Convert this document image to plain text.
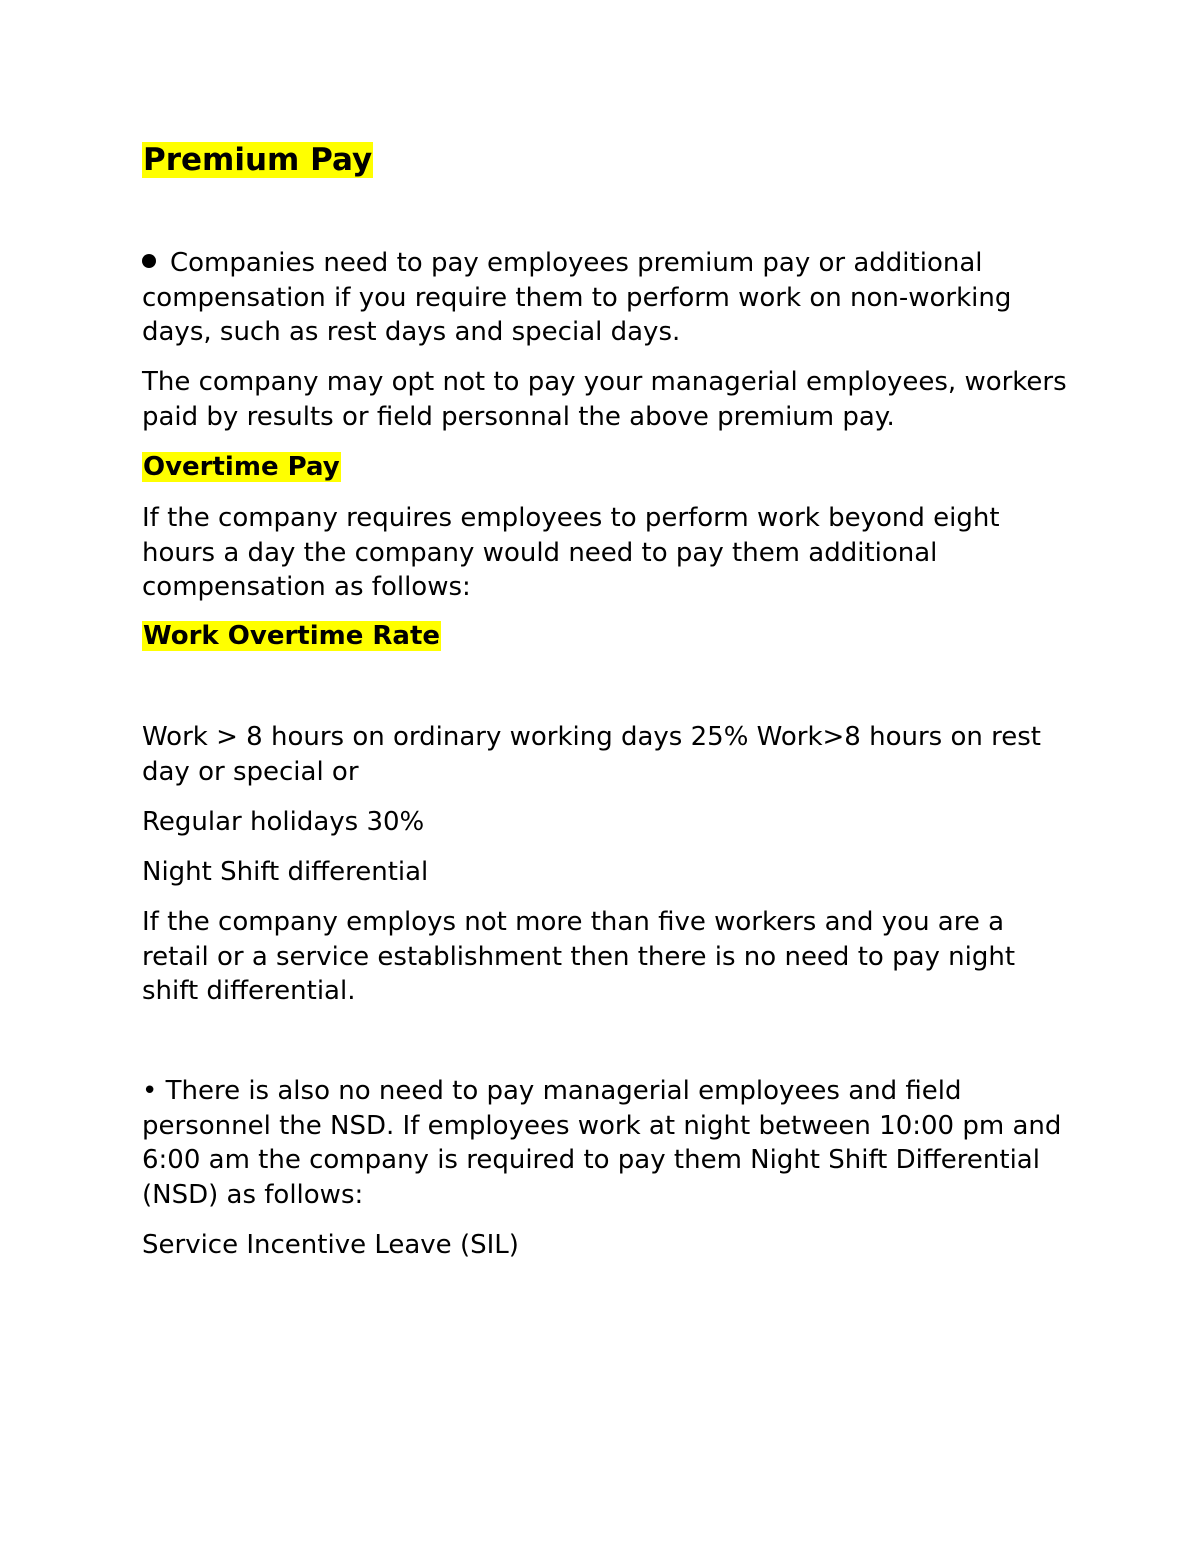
Premium Pay

Companies need to pay employees premium pay or additional compensation if you require them to perform work on non-working days, such as rest days and special days.

The company may opt not to pay your managerial employees, workers paid by results or field personnal the above premium pay.

Overtime Pay

If the company requires employees to perform work beyond eight hours a day the company would need to pay them additional compensation as follows:

Work Overtime Rate

Work > 8 hours on ordinary working days 25% Work>8 hours on rest day or special or

Regular holidays 30%

Night Shift differential

If the company employs not more than five workers and you are a retail or a service establishment then there is no need to pay night shift differential.

• There is also no need to pay managerial employees and field personnel the NSD. If employees work at night between 10:00 pm and 6:00 am the company is required to pay them Night Shift Differential (NSD) as follows:

Service Incentive Leave (SIL)
